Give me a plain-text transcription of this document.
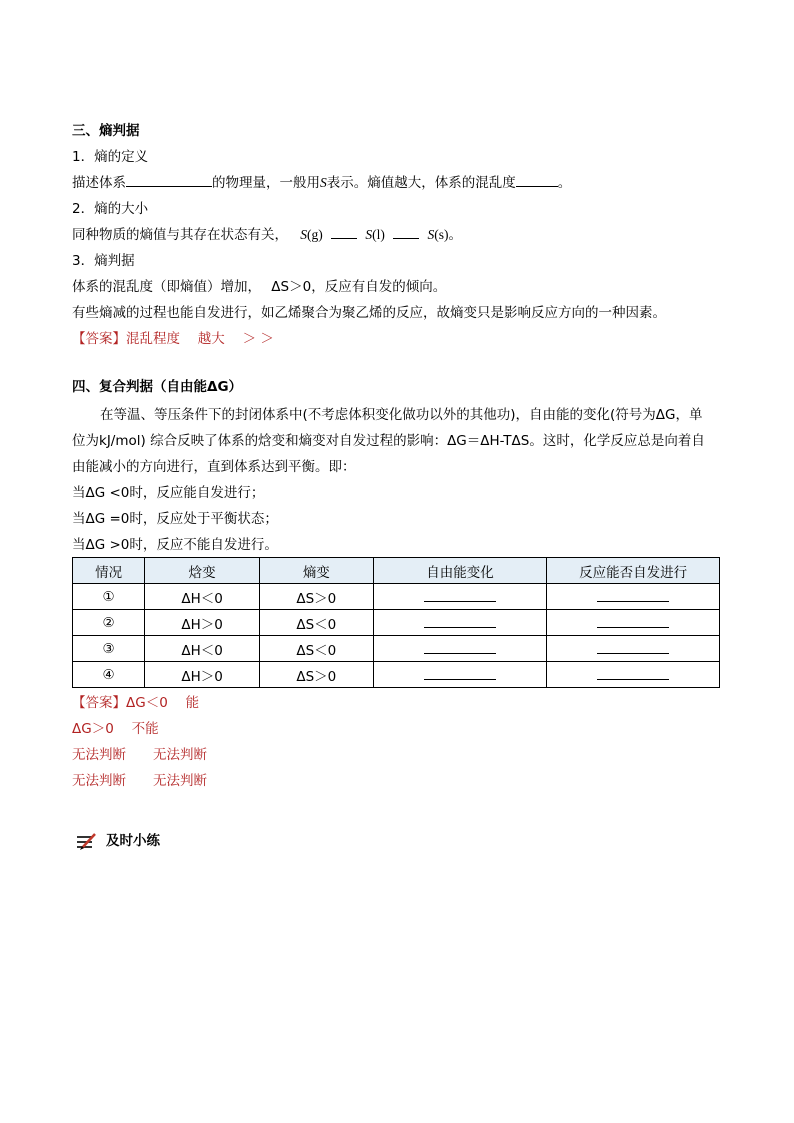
三、熵判据
1．熵的定义
描述体系	的物理量，一般用S表示。熵值越大，体系的混乱度	。
2．熵的大小
同种物质的熵值与其存在状态有关， S(g)	S(l)	S(s)。
3．熵判据
体系的混乱度（即熵值）增加， ΔS＞0，反应有自发的倾向。
有些熵减的过程也能自发进行，如乙烯聚合为聚乙烯的反应，故熵变只是影响反应方向的一种因素。
【答案】混乱程度　 越大　 ＞ ＞
四、复合判据（自由能ΔG）
在等温、等压条件下的封闭体系中(不考虑体积变化做功以外的其他功)，自由能的变化(符号为ΔG，单
位为kJ/mol) 综合反映了体系的焓变和熵变对自发过程的影响：ΔG＝ΔH-TΔS。这时，化学反应总是向着自
由能减小的方向进行，直到体系达到平衡。即：
当ΔG <0时，反应能自发进行；
当ΔG =0时，反应处于平衡状态；
当ΔG >0时，反应不能自发进行。
情况	焓变	熵变	自由能变化	反应能否自发进行
①	ΔH＜0	ΔS＞0		
②	ΔH＞0	ΔS＜0		
③	ΔH＜0	ΔS＜0		
④	ΔH＞0	ΔS＞0		
【答案】ΔG＜0　 能
ΔG＞0　 不能
无法判断　　无法判断
无法判断　　无法判断
及时小练
